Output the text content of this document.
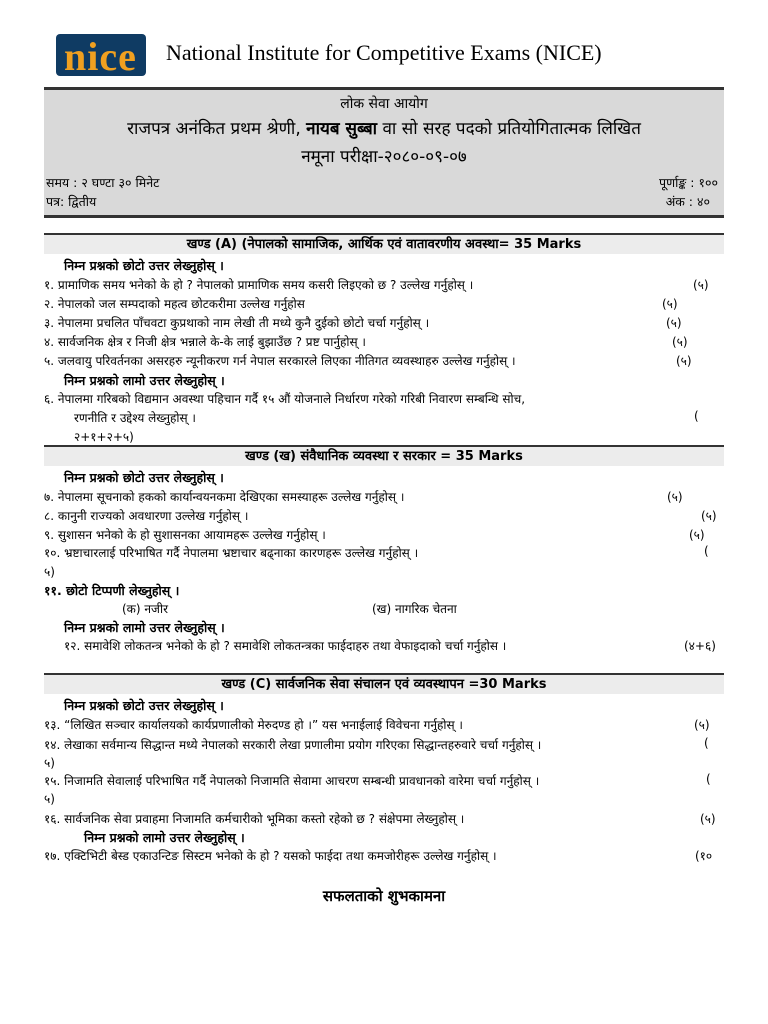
nice National Institute for Competitive Exams (NICE)
लोक सेवा आयोग
राजपत्र अनंकित प्रथम श्रेणी, नायब सुब्बा वा सो सरह पदको प्रतियोगितात्मक लिखित
नमूना परीक्षा-२०८०-०९-०७
समय : २ घण्टा ३० मिनेट
पत्र: द्वितीय
पूर्णाङ्क : १००
अंक : ४०
खण्ड (A) (नेपालको सामाजिक, आर्थिक एवं वातावरणीय अवस्था= 35 Marks
निम्न प्रश्नको छोटो उत्तर लेख्नुहोस् ।
१. प्रामाणिक समय भनेको के हो ? नेपालको प्रामाणिक समय कसरी लिइएको छ ? उल्लेख गर्नुहोस् ।	(५)
२. नेपालको जल सम्पदाको महत्व छोटकरीमा उल्लेख गर्नुहोस	(५)
३. नेपालमा प्रचलित पाँचवटा कुप्रथाको नाम लेखी ती मध्ये कुनै दुईको छोटो चर्चा गर्नुहोस् ।	(५)
४. सार्वजनिक क्षेत्र र निजी क्षेत्र भन्नाले के-के लाई बुझाउँछ ? प्रष्ट पार्नुहोस् ।	(५)
५. जलवायु परिवर्तनका असरहरु न्यूनीकरण गर्न नेपाल सरकारले लिएका नीतिगत व्यवस्थाहरु उल्लेख गर्नुहोस् ।	(५)
निम्न प्रश्नको लामो उत्तर लेख्नुहोस् ।
६. नेपालमा गरिबको विद्यमान अवस्था पहिचान गर्दै १५ औं योजनाले निर्धारण गरेको गरिबी निवारण सम्बन्धि सोच,
रणनीति र उद्देश्य लेख्नुहोस् ।	(
२+१+२+५)
खण्ड (ख) संवैधानिक व्यवस्था र सरकार = 35 Marks
निम्न प्रश्नको छोटो उत्तर लेख्नुहोस् ।
७. नेपालमा सूचनाको हकको कार्यान्वयनकमा देखिएका समस्याहरू उल्लेख गर्नुहोस् ।	(५)
८. कानुनी राज्यको अवधारणा उल्लेख गर्नुहोस् ।	(५)
९. सुशासन भनेको के हो सुशासनका आयामहरू उल्लेख गर्नुहोस् ।	(५)
१०. भ्रष्टाचारलाई परिभाषित गर्दै नेपालमा भ्रष्टाचार बढ्नाका कारणहरू उल्लेख गर्नुहोस् ।	(
५)
११. छोटो टिप्पणी लेख्नुहोस् ।
(क) नजीर	(ख) नागरिक चेतना
निम्न प्रश्नको लामो उत्तर लेख्नुहोस् ।
१२. समावेशि लोकतन्त्र भनेको के हो ? समावेशि लोकतन्त्रका फाईदाहरु तथा वेफाइदाको चर्चा गर्नुहोस ।	(४+६)
खण्ड (C) सार्वजनिक सेवा संचालन एवं व्यवस्थापन =30 Marks
निम्न प्रश्नको छोटो उत्तर लेख्नुहोस् ।
१३. “लिखित सञ्चार कार्यालयको कार्यप्रणालीको मेरुदण्ड हो ।” यस भनाईलाई विवेचना गर्नुहोस् ।	(५)
१४. लेखाका सर्वमान्य सिद्धान्त मध्ये नेपालको सरकारी लेखा प्रणालीमा प्रयोग गरिएका सिद्धान्तहरुवारे चर्चा गर्नुहोस् ।	(
५)
१५. निजामति सेवालाई परिभाषित गर्दै नेपालको निजामति सेवामा आचरण सम्बन्धी प्रावधानको वारेमा चर्चा गर्नुहोस् ।	(
५)
१६. सार्वजनिक सेवा प्रवाहमा निजामति कर्मचारीको भूमिका कस्तो रहेको छ ? संक्षेपमा लेख्नुहोस् ।	(५)
निम्न प्रश्नको लामो उत्तर लेख्नुहोस् ।
१७. एक्टिभिटी बेस्ड एकाउन्टिङ सिस्टम भनेको के हो ? यसको फाईदा तथा कमजोरीहरू उल्लेख गर्नुहोस् ।	(१०
सफलताको शुभकामना
